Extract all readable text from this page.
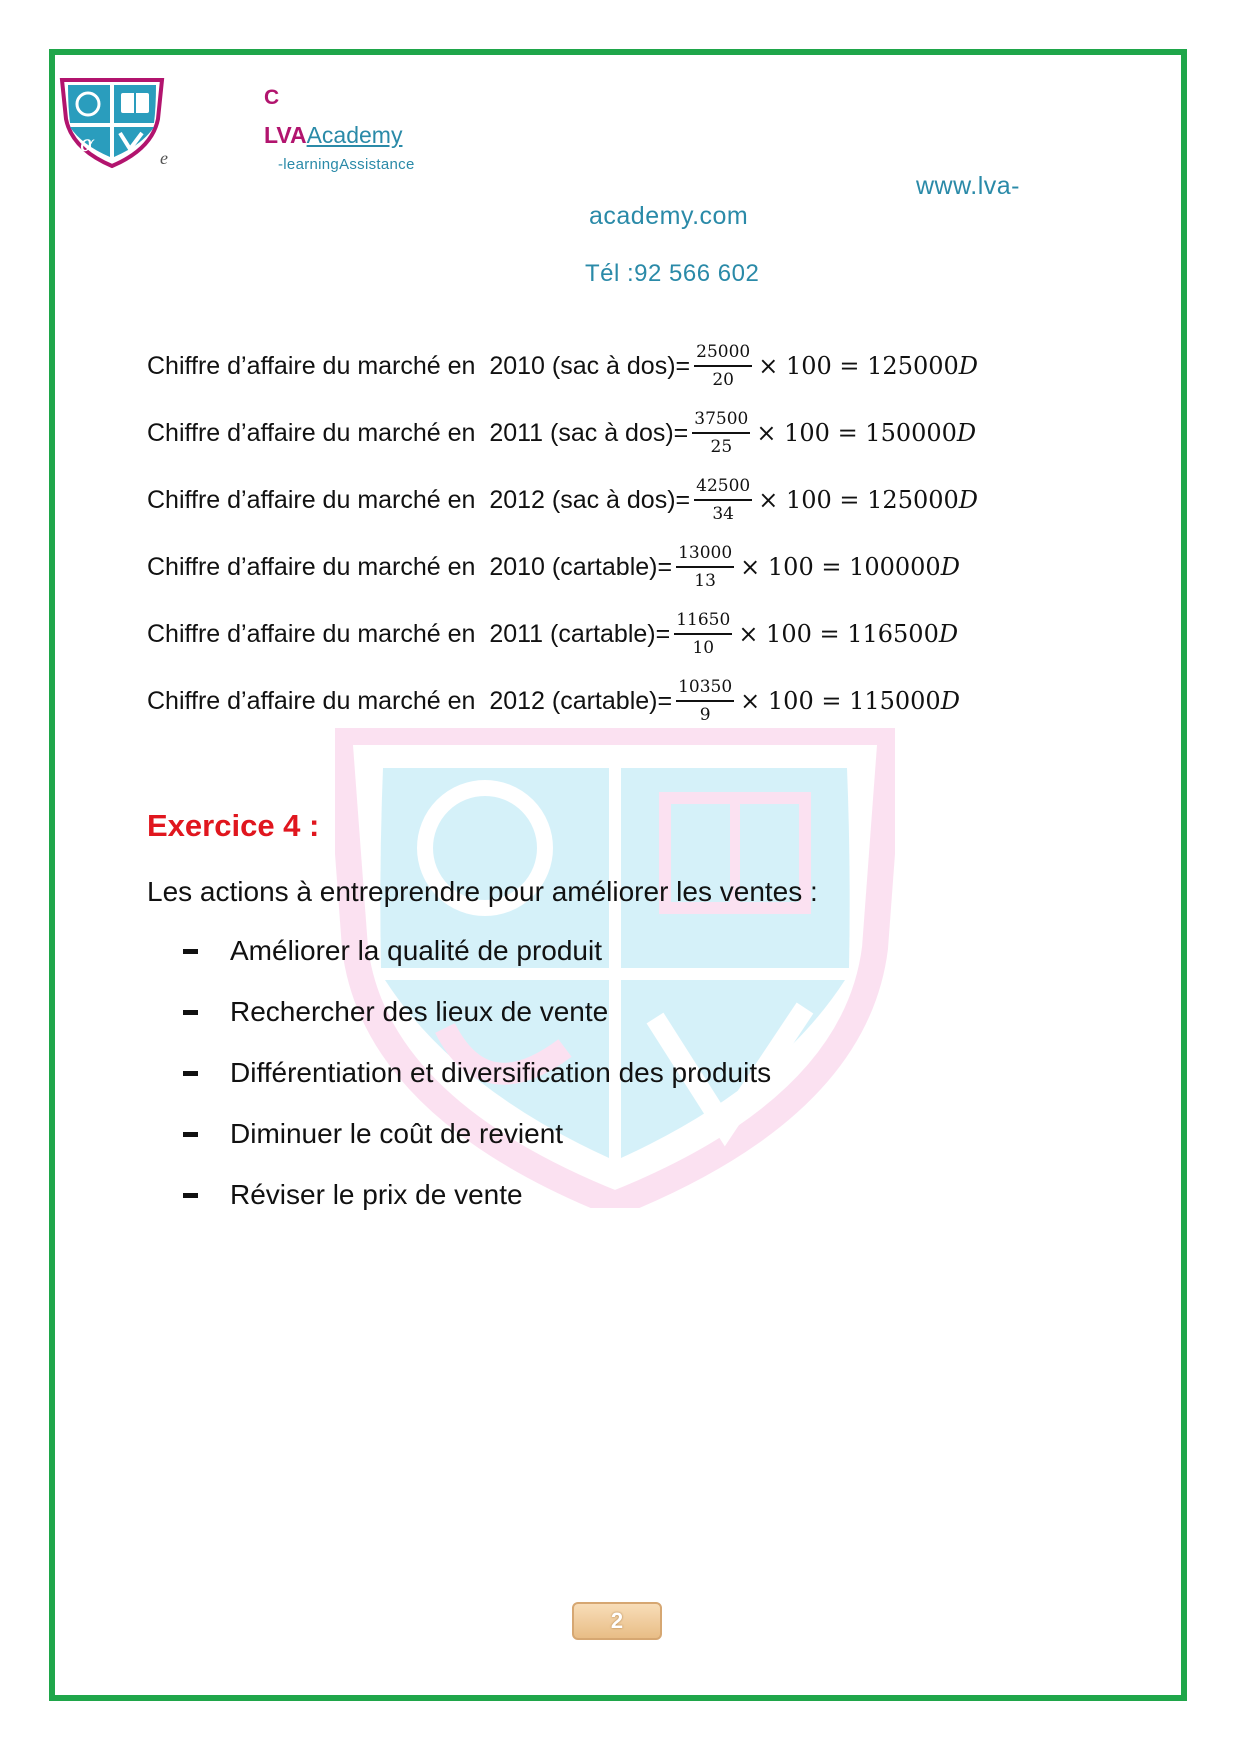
α
e
C
LVAAcademy
-learningAssistance
www.lva-
academy.com
Tél :92 566 602
Chiffre d’affaire du marché en  2010 (sac à $dos)= \frac{25000}{20} \times 100 = 125000D$
Chiffre d’affaire du marché en  2011 (sac à $dos)= \frac{37500}{25} \times 100 = 150000D$
Chiffre d’affaire du marché en  2012 (sac à $dos)= \frac{42500}{34} \times 100 = 125000D$
Chiffre d’affaire du marché en  2010 (cartable)= $\frac{13000}{13} \times 100 = 100000D$
Chiffre d’affaire du marché en  2011 (cartable)= $\frac{11650}{10} \times 100 = 116500D$
Chiffre d’affaire du marché en  2012 (cartable)= $\frac{10350}{9} \times 100 = 115000D$
Exercice 4 :
Les actions à entreprendre pour améliorer les ventes :
Améliorer la qualité de produit
Rechercher des lieux de vente
Différentiation et diversification des produits
Diminuer le coût de revient
Réviser le prix de vente
2
